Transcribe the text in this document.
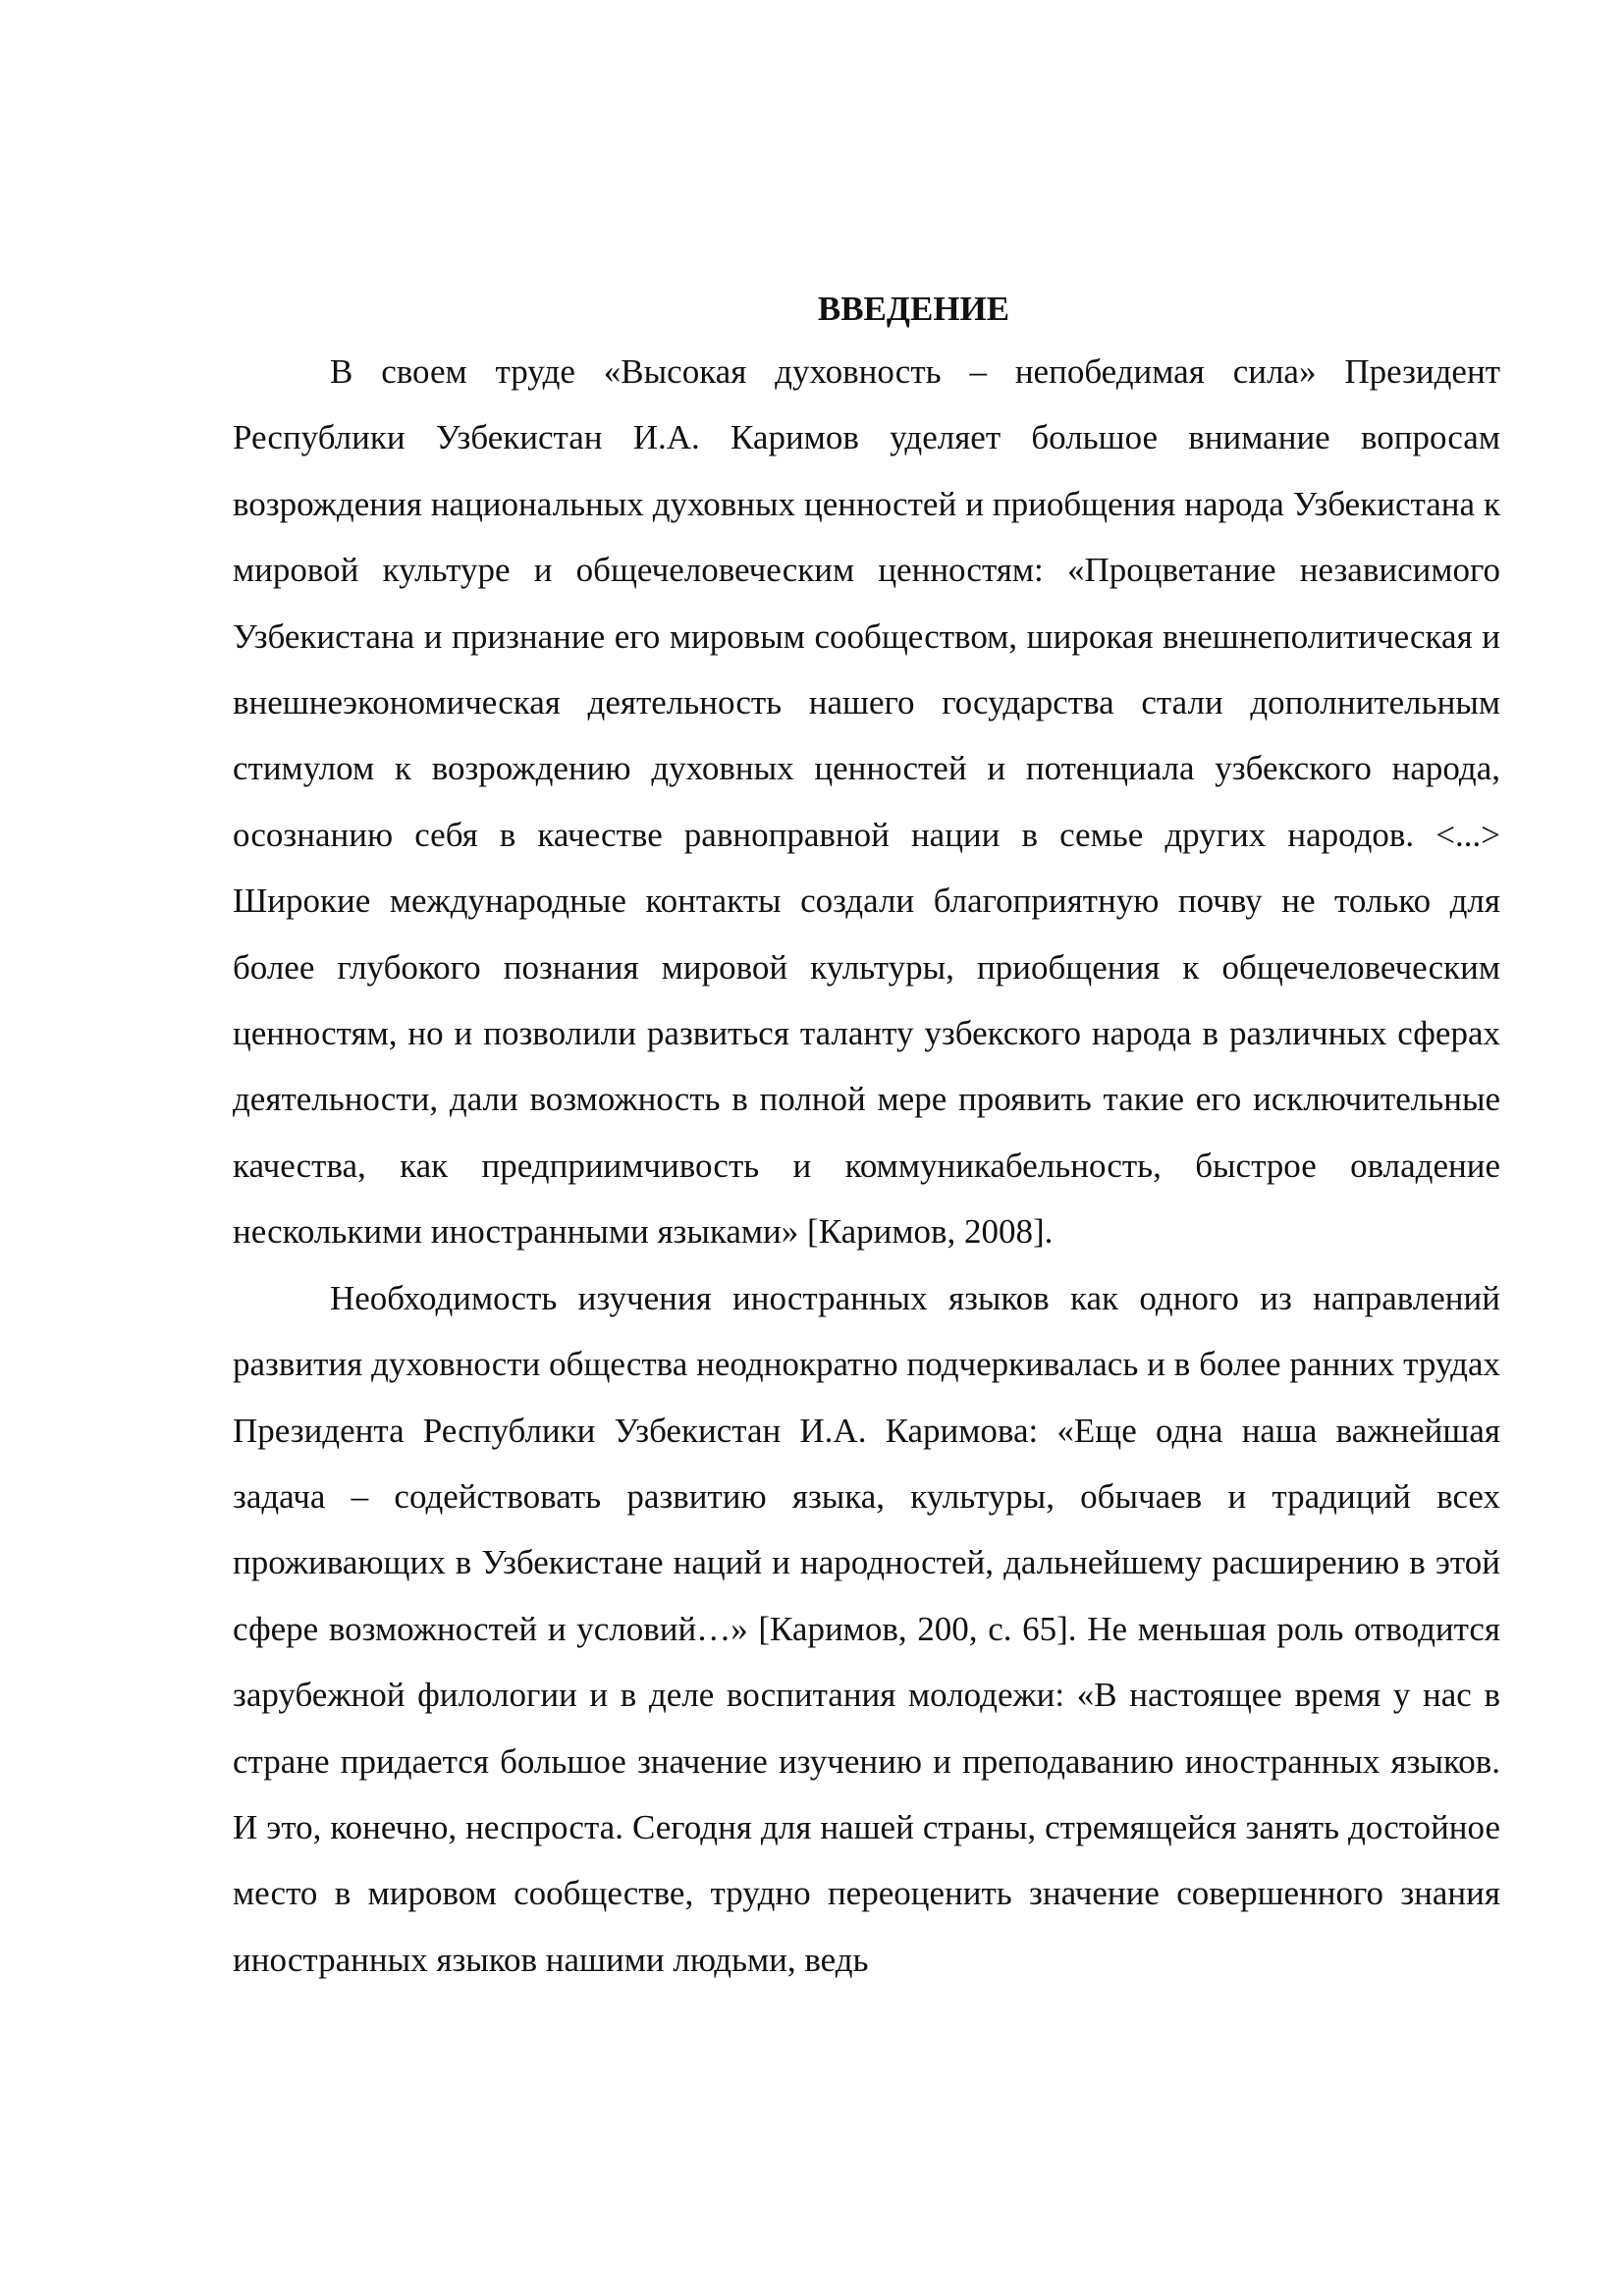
ВВЕДЕНИЕ

В своем труде «Высокая духовность – непобедимая сила» Президент Республики Узбекистан И.А. Каримов уделяет большое внимание вопросам возрождения национальных духовных ценностей и приобщения народа Узбекистана к мировой культуре и общечеловеческим ценностям: «Процветание независимого Узбекистана и признание его мировым сообществом, широкая внешнеполитическая и внешнеэкономическая деятельность нашего государства стали дополнительным стимулом к возрождению духовных ценностей и потенциала узбекского народа, осознанию себя в качестве равноправной нации в семье других народов. <...> Широкие международные контакты создали благоприятную почву не только для более глубокого познания мировой культуры, приобщения к общечеловеческим ценностям, но и позволили развиться таланту узбекского народа в различных сферах деятельности, дали возможность в полной мере проявить такие его исключительные качества, как предприимчивость и коммуникабельность, быстрое овладение несколькими иностранными языками» [Каримов, 2008].

Необходимость изучения иностранных языков как одного из направлений развития духовности общества неоднократно подчеркивалась и в более ранних трудах Президента Республики Узбекистан И.А. Каримова: «Еще одна наша важнейшая задача – содействовать развитию языка, культуры, обычаев и традиций всех проживающих в Узбекистане наций и народностей, дальнейшему расширению в этой сфере возможностей и условий…» [Каримов, 200, с. 65]. Не меньшая роль отводится зарубежной филологии и в деле воспитания молодежи: «В настоящее время у нас в стране придается большое значение изучению и преподаванию иностранных языков. И это, конечно, неспроста. Сегодня для нашей страны, стремящейся занять достойное место в мировом сообществе, трудно переоценить значение совершенного знания иностранных языков нашими людьми, ведь
